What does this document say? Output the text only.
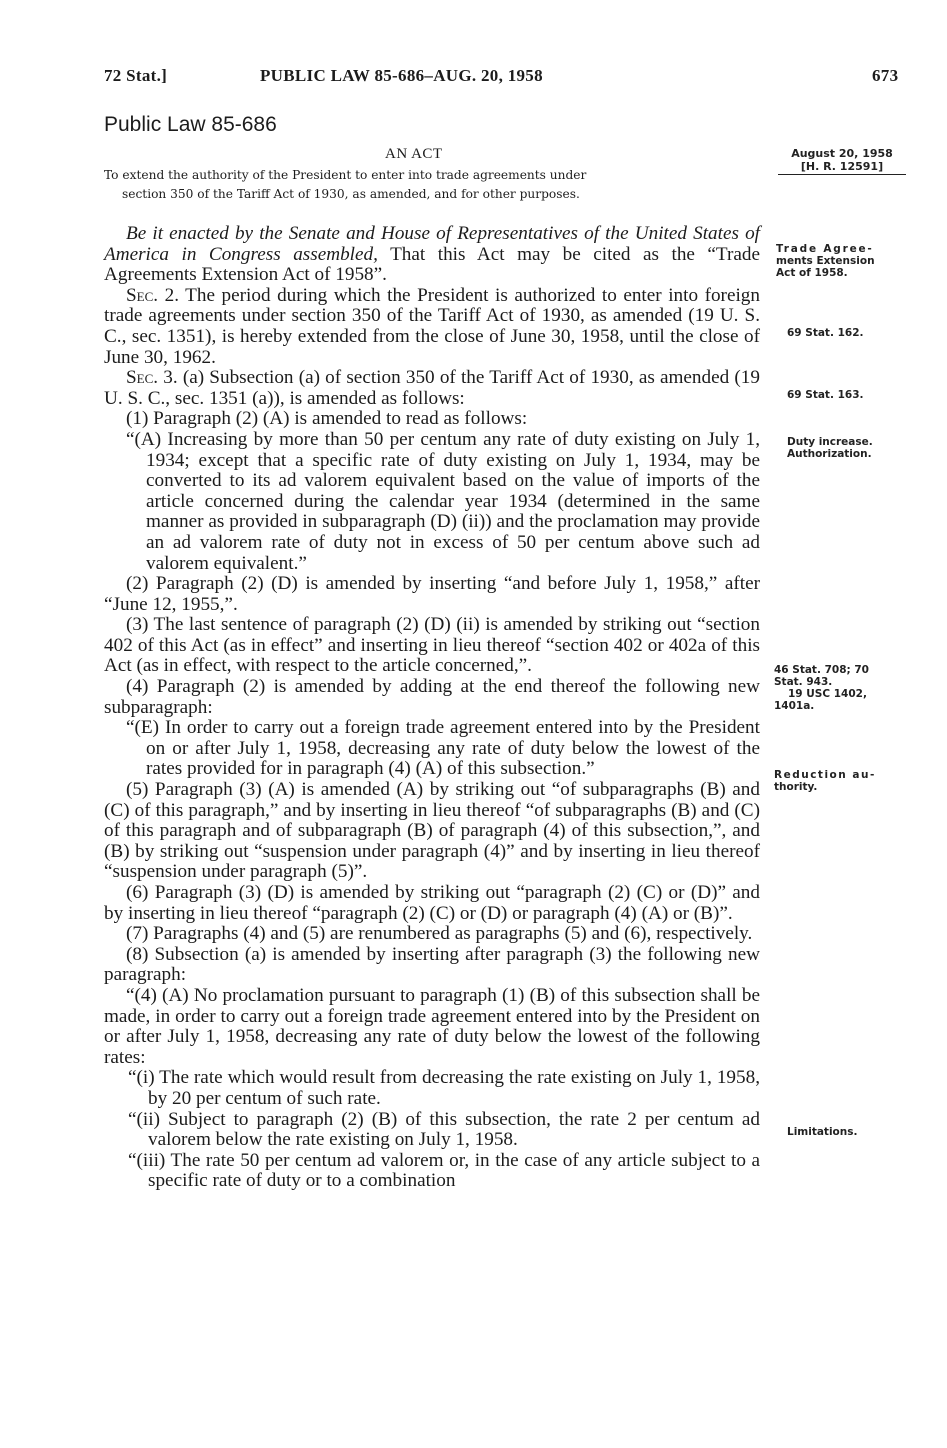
72 Stat.]	PUBLIC LAW 85-686–AUG. 20, 1958	673
Public Law 85-686
AN ACT
To extend the authority of the President to enter into trade agreements under
section 350 of the Tariff Act of 1930, as amended, and for other purposes.

Be it enacted by the Senate and House of Representatives of the United States of America in Congress assembled, That this Act may be cited as the “Trade Agreements Extension Act of 1958”.

Sec. 2. The period during which the President is authorized to enter into foreign trade agreements under section 350 of the Tariff Act of 1930, as amended (19 U. S. C., sec. 1351), is hereby extended from the close of June 30, 1958, until the close of June 30, 1962.

Sec. 3. (a) Subsection (a) of section 350 of the Tariff Act of 1930, as amended (19 U. S. C., sec. 1351 (a)), is amended as follows:

(1) Paragraph (2) (A) is amended to read as follows:

“(A) Increasing by more than 50 per centum any rate of duty existing on July 1, 1934; except that a specific rate of duty existing on July 1, 1934, may be converted to its ad valorem equivalent based on the value of imports of the article concerned during the calendar year 1934 (determined in the same manner as provided in subparagraph (D) (ii)) and the proclamation may provide an ad valorem rate of duty not in excess of 50 per centum above such ad valorem equivalent.”

(2) Paragraph (2) (D) is amended by inserting “and before July 1, 1958,” after “June 12, 1955,”.

(3) The last sentence of paragraph (2) (D) (ii) is amended by striking out “section 402 of this Act (as in effect” and inserting in lieu thereof “section 402 or 402a of this Act (as in effect, with respect to the article concerned,”.

(4) Paragraph (2) is amended by adding at the end thereof the following new subparagraph:

“(E) In order to carry out a foreign trade agreement entered into by the President on or after July 1, 1958, decreasing any rate of duty below the lowest of the rates provided for in paragraph (4) (A) of this subsection.”

(5) Paragraph (3) (A) is amended (A) by striking out “of subparagraphs (B) and (C) of this paragraph,” and by inserting in lieu thereof “of subparagraphs (B) and (C) of this paragraph and of subparagraph (B) of paragraph (4) of this subsection,”, and (B) by striking out “suspension under paragraph (4)” and by inserting in lieu thereof “suspension under paragraph (5)”.

(6) Paragraph (3) (D) is amended by striking out “paragraph (2) (C) or (D)” and by inserting in lieu thereof “paragraph (2) (C) or (D) or paragraph (4) (A) or (B)”.

(7) Paragraphs (4) and (5) are renumbered as paragraphs (5) and (6), respectively.

(8) Subsection (a) is amended by inserting after paragraph (3) the following new paragraph:

“(4) (A) No proclamation pursuant to paragraph (1) (B) of this subsection shall be made, in order to carry out a foreign trade agreement entered into by the President on or after July 1, 1958, decreasing any rate of duty below the lowest of the following rates:

“(i) The rate which would result from decreasing the rate existing on July 1, 1958, by 20 per centum of such rate.

“(ii) Subject to paragraph (2) (B) of this subsection, the rate 2 per centum ad valorem below the rate existing on July 1, 1958.

“(iii) The rate 50 per centum ad valorem or, in the case of any article subject to a specific rate of duty or to a combination

August 20, 1958
[H. R. 12591]
Trade Agree-
ments Extension
Act of 1958.
69 Stat. 162.
69 Stat. 163.
Duty increase.
Authorization.
46 Stat. 708; 70
Stat. 943.
19 USC 1402,
1401a.
Reduction au-
thority.
Limitations.
